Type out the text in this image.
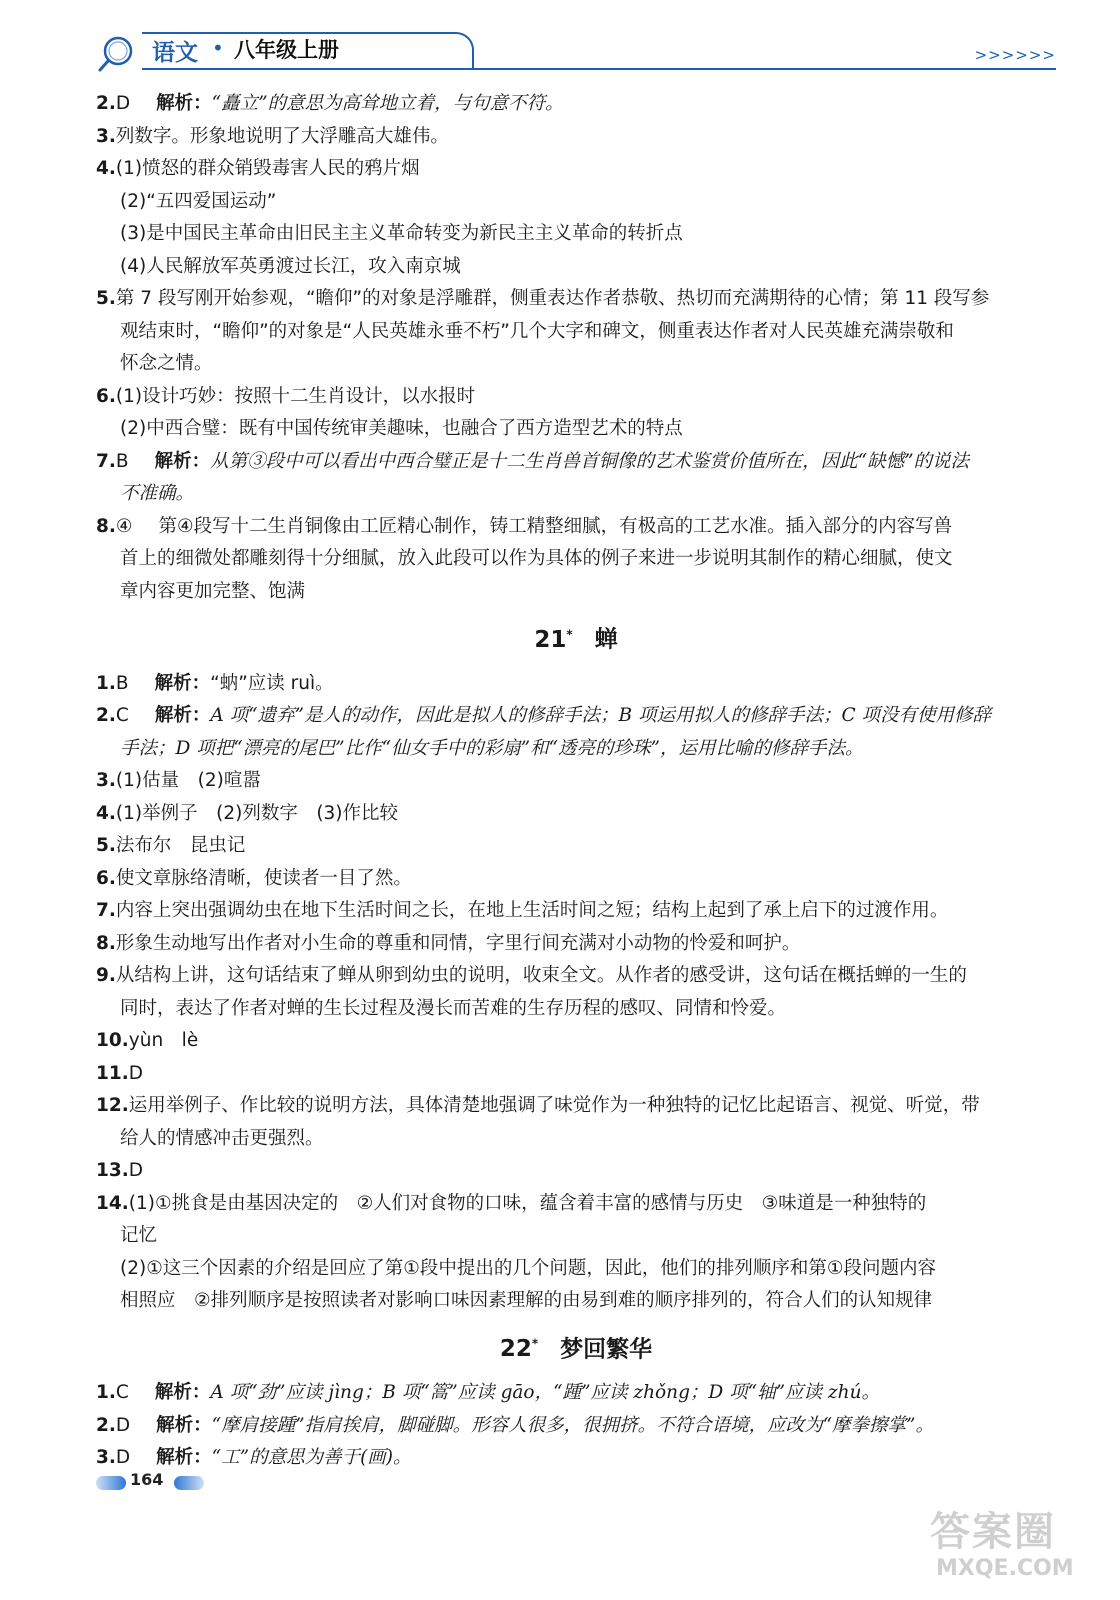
语文 • 八年级上册	>>>>>>
2.D 解析：“矗立”的意思为高耸地立着，与句意不符。
3.列数字。形象地说明了大浮雕高大雄伟。
4.(1)愤怒的群众销毁毒害人民的鸦片烟
(2)“五四爱国运动”
(3)是中国民主革命由旧民主主义革命转变为新民主主义革命的转折点
(4)人民解放军英勇渡过长江，攻入南京城
5.第 7 段写刚开始参观，“瞻仰”的对象是浮雕群，侧重表达作者恭敬、热切而充满期待的心情；第 11 段写参
观结束时，“瞻仰”的对象是“人民英雄永垂不朽”几个大字和碑文，侧重表达作者对人民英雄充满崇敬和
怀念之情。
6.(1)设计巧妙：按照十二生肖设计，以水报时
(2)中西合璧：既有中国传统审美趣味，也融合了西方造型艺术的特点
7.B 解析：从第③段中可以看出中西合璧正是十二生肖兽首铜像的艺术鉴赏价值所在，因此“缺憾”的说法
不准确。
8.④ 第④段写十二生肖铜像由工匠精心制作，铸工精整细腻，有极高的工艺水准。插入部分的内容写兽
首上的细微处都雕刻得十分细腻，放入此段可以作为具体的例子来进一步说明其制作的精心细腻，使文
章内容更加完整、饱满
21* 蝉
1.B 解析：“蚋”应读 ruì。
2.C 解析：A 项“遗弃”是人的动作，因此是拟人的修辞手法；B 项运用拟人的修辞手法；C 项没有使用修辞
手法；D 项把“漂亮的尾巴”比作“仙女手中的彩扇”和“透亮的珍珠”，运用比喻的修辞手法。
3.(1)估量　(2)喧嚣
4.(1)举例子　(2)列数字　(3)作比较
5.法布尔　昆虫记
6.使文章脉络清晰，使读者一目了然。
7.内容上突出强调幼虫在地下生活时间之长，在地上生活时间之短；结构上起到了承上启下的过渡作用。
8.形象生动地写出作者对小生命的尊重和同情，字里行间充满对小动物的怜爱和呵护。
9.从结构上讲，这句话结束了蝉从卵到幼虫的说明，收束全文。从作者的感受讲，这句话在概括蝉的一生的
同时，表达了作者对蝉的生长过程及漫长而苦难的生存历程的感叹、同情和怜爱。
10.yùn　lè
11.D
12.运用举例子、作比较的说明方法，具体清楚地强调了味觉作为一种独特的记忆比起语言、视觉、听觉，带
给人的情感冲击更强烈。
13.D
14.(1)①挑食是由基因决定的　②人们对食物的口味，蕴含着丰富的感情与历史　③味道是一种独特的
记忆
(2)①这三个因素的介绍是回应了第①段中提出的几个问题，因此，他们的排列顺序和第①段问题内容
相照应　②排列顺序是按照读者对影响口味因素理解的由易到难的顺序排列的，符合人们的认知规律
22* 梦回繁华
1.C 解析：A 项“劲”应读 jìng；B 项“篙”应读 gāo，“踵”应读 zhǒng；D 项“轴”应读 zhú。
2.D 解析：“摩肩接踵”指肩挨肩，脚碰脚。形容人很多，很拥挤。不符合语境，应改为“摩拳擦掌”。
3.D 解析：“工”的意思为善于(画)。
164
答案圈
MXQE.COM
